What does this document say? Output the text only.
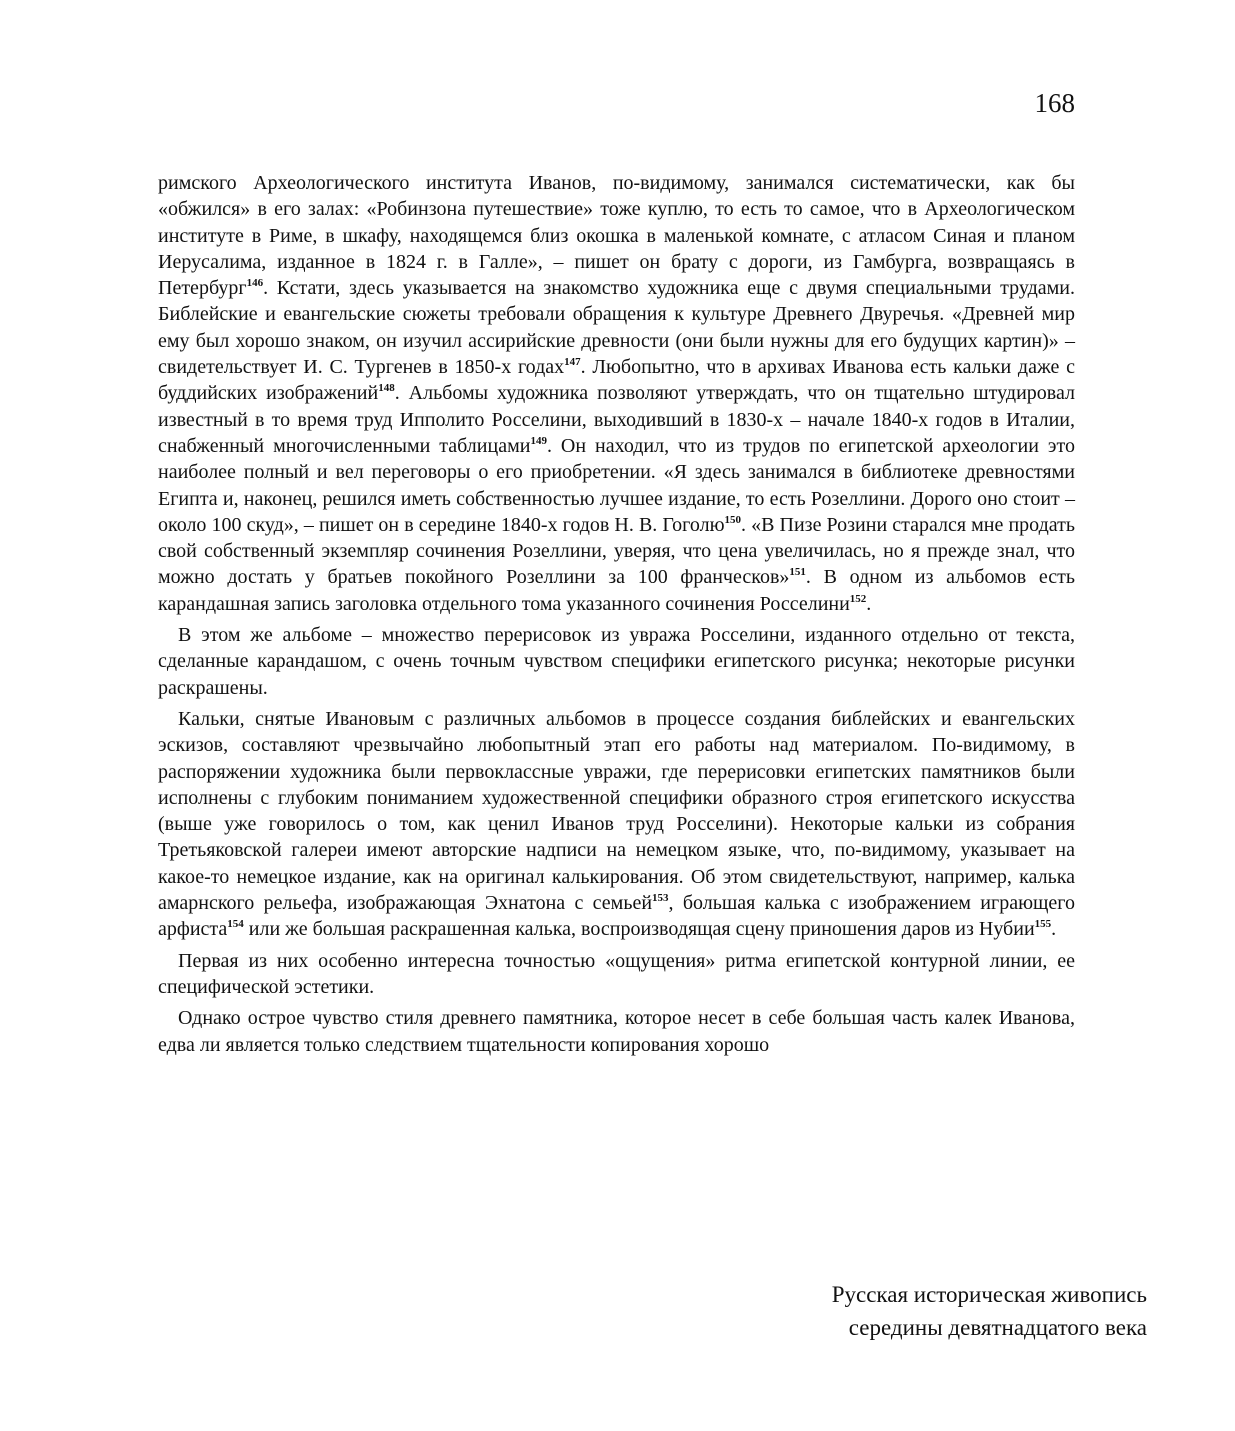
168

римского Археологического института Иванов, по-видимому, занимался систематически, как бы «обжился» в его залах: «Робинзона путешествие» тоже куплю, то есть то самое, что в Археологическом институте в Риме, в шкафу, находящемся близ окошка в маленькой комнате, с атласом Синая и планом Иерусалима, изданное в 1824 г. в Галле», – пишет он брату с дороги, из Гамбурга, возвращаясь в Петербург$^{146}$. Кстати, здесь указывается на знакомство художника еще с двумя специальными трудами. Библейские и евангельские сюжеты требовали обращения к культуре Древнего Двуречья. «Древней мир ему был хорошо знаком, он изучил ассирийские древности (они были нужны для его будущих картин)» – свидетельствует И. С. Тургенев в 1850-х годах$^{147}$. Любопытно, что в архивах Иванова есть кальки даже с буддийских изображений$^{148}$. Альбомы художника позволяют утверждать, что он тщательно штудировал известный в то время труд Ипполито Росселини, выходивший в 1830-х – начале 1840-х годов в Италии, снабженный многочисленными таблицами$^{149}$. Он находил, что из трудов по египетской археологии это наиболее полный и вел переговоры о его приобретении. «Я здесь занимался в библиотеке древностями Египта и, наконец, решился иметь собственностью лучшее издание, то есть Розеллини. Дорого оно стоит – около 100 скуд», – пишет он в середине 1840-х годов Н. В. Гоголю$^{150}$. «В Пизе Розини старался мне продать свой собственный экземпляр сочинения Розеллини, уверяя, что цена увеличилась, но я прежде знал, что можно достать у братьев покойного Розеллини за 100 франческов»$^{151}$. В одном из альбомов есть карандашная запись заголовка отдельного тома указанного сочинения Росселини$^{152}$.

В этом же альбоме – множество перерисовок из увража Росселини, изданного отдельно от текста, сделанные карандашом, с очень точным чувством специфики египетского рисунка; некоторые рисунки раскрашены.

Кальки, снятые Ивановым с различных альбомов в процессе создания библейских и евангельских эскизов, составляют чрезвычайно любопытный этап его работы над материалом. По-видимому, в распоряжении художника были первоклассные увражи, где перерисовки египетских памятников были исполнены с глубоким пониманием художественной специфики образного строя египетского искусства (выше уже говорилось о том, как ценил Иванов труд Росселини). Некоторые кальки из собрания Третьяковской галереи имеют авторские надписи на немецком языке, что, по-видимому, указывает на какое-то немецкое издание, как на оригинал калькирования. Об этом свидетельствуют, например, калька амарнского рельефа, изображающая Эхнатона с семьей$^{153}$, большая калька с изображением играющего арфиста$^{154}$ или же большая раскрашенная калька, воспроизводящая сцену приношения даров из Нубии$^{155}$.

Первая из них особенно интересна точностью «ощущения» ритма египетской контурной линии, ее специфической эстетики.

Однако острое чувство стиля древнего памятника, которое несет в себе большая часть калек Иванова, едва ли является только следствием тщательности копирования хорошо

Русская историческая живопись
середины девятнадцатого века
